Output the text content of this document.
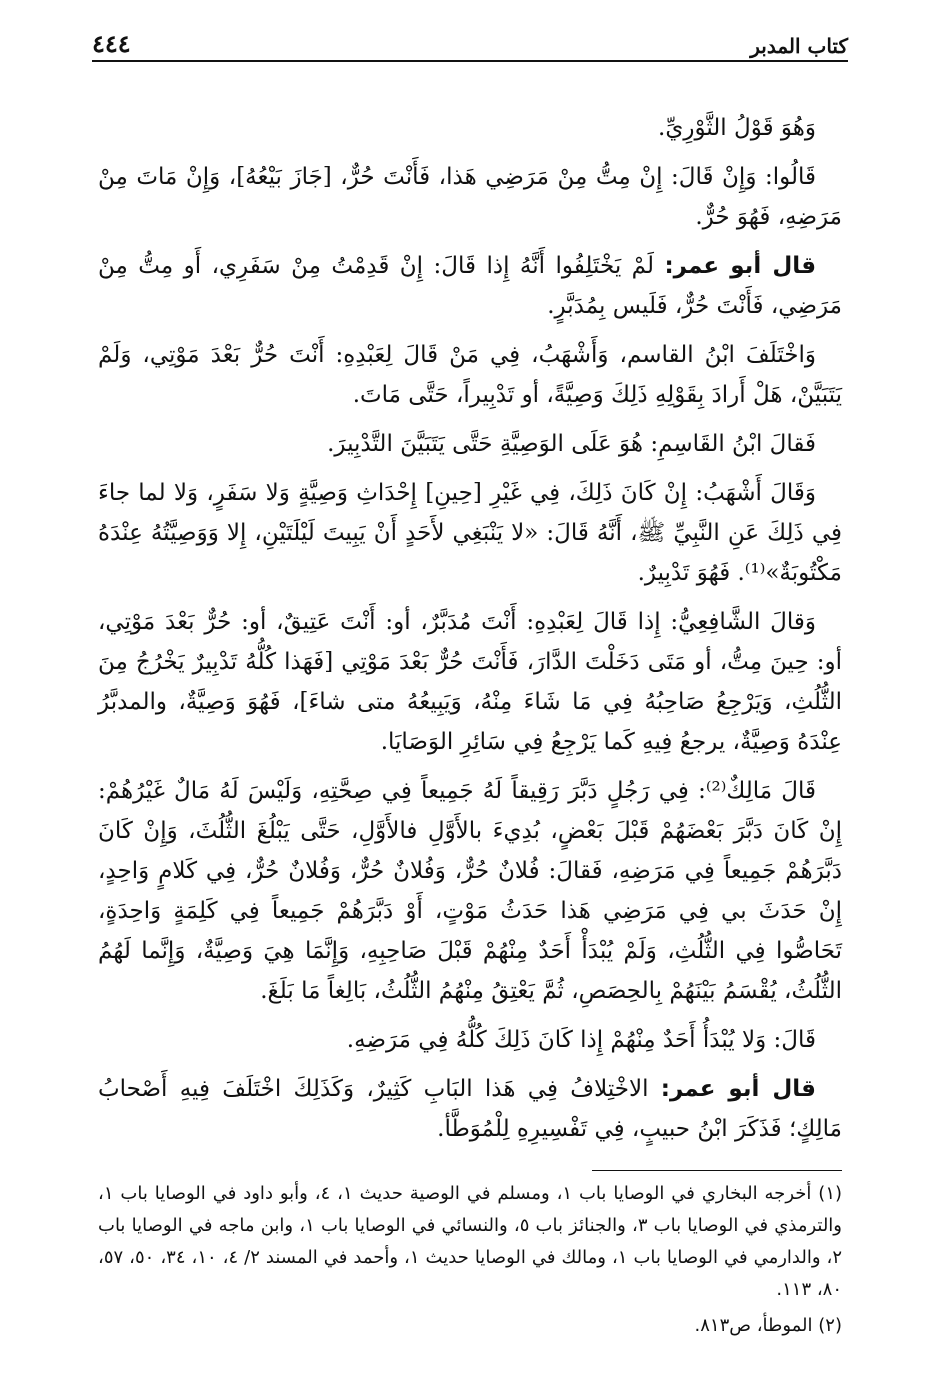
كتاب المدبر
٤٤٤

وَهُوَ قَوْلُ الثَّوْرِيِّ.

قَالُوا: وَإِنْ قَالَ: إِنْ مِتُّ مِنْ مَرَضِي هَذا، فَأَنْتَ حُرٌّ، [جَازَ بَيْعُهُ]، وَإِنْ مَاتَ مِنْ مَرَضِهِ، فَهُوَ حُرٌّ.

قال أبو عمر: لَمْ يَخْتَلِفُوا أَنَّهُ إِذا قَالَ: إِنْ قَدِمْتُ مِنْ سَفَرِي، أَو مِتُّ مِنْ مَرَضِي، فَأَنْتَ حُرٌّ، فَلَيس بِمُدَبَّرٍ.

وَاخْتَلَفَ ابْنُ القاسم، وَأَشْهَبُ، فِي مَنْ قَالَ لِعَبْدِهِ: أَنْتَ حُرٌّ بَعْدَ مَوْتِي، وَلَمْ يَتَبَيَّنْ، هَلْ أَرادَ بِقَوْلِهِ ذَلِكَ وَصِيَّةً، أو تَدْبِيراً، حَتَّى مَاتَ.

فَقالَ ابْنُ القَاسِمِ: هُوَ عَلَى الوَصِيَّةِ حَتَّى يَتَبَيَّنَ التَّدْبِيرَ.

وَقَالَ أَشْهَبُ: إِنْ كَانَ ذَلِكَ، فِي غَيْرِ [حِينِ] إِحْدَاثِ وَصِيَّةٍ وَلا سَفَرٍ، وَلا لما جاءَ فِي ذَلِكَ عَنِ النَّبِيِّ ﷺ، أَنَّهُ قَالَ: «لا يَنْبَغِي لأَحَدٍ أَنْ يَبِيتَ لَيْلَتَيْنِ، إِلا وَوَصِيَّتُهُ عِنْدَهُ مَكْتُوبَةٌ»⁽¹⁾. فَهُوَ تَدْبِيرٌ.

وَقالَ الشَّافِعِيُّ: إِذا قَالَ لِعَبْدِهِ: أَنْتَ مُدَبَّرٌ، أو: أَنْتَ عَتِيقٌ، أو: حُرٌّ بَعْدَ مَوْتِي، أو: حِينَ مِتُّ، أو مَتَى دَخَلْتَ الدَّارَ، فَأَنْتَ حُرٌّ بَعْدَ مَوْتِي [فَهَذا كُلُّهُ تَدْبِيرٌ يَخْرُجُ مِنَ الثُّلُثِ، وَيَرْجِعُ صَاحِبُهُ فِي مَا شَاءَ مِنْهُ، وَيَبِيعُهُ متى شاءَ]، فَهُوَ وَصِيَّةٌ، والمدبَّرُ عِنْدَهُ وَصِيَّةٌ، يرجعُ فِيهِ كَما يَرْجِعُ فِي سَائِرِ الوَصَايَا.

قَالَ مَالِكٌ⁽²⁾: فِي رَجُلٍ دَبَّرَ رَقِيقاً لَهُ جَمِيعاً فِي صِحَّتِهِ، وَلَيْسَ لَهُ مَالٌ غَيْرُهُمْ: إِنْ كَانَ دَبَّرَ بَعْضَهُمْ قَبْلَ بَعْضٍ، بُدِيءَ بالأَوَّلِ فالأَوَّلِ، حَتَّى يَبْلُغَ الثُّلُثَ، وَإِنْ كَانَ دَبَّرَهُمْ جَمِيعاً فِي مَرَضِهِ، فَقالَ: فُلانٌ حُرٌّ، وَفُلانٌ حُرٌّ، وَفُلانٌ حُرٌّ، فِي كَلامٍ وَاحِدٍ، إِنْ حَدَثَ بي فِي مَرَضِي هَذا حَدَثُ مَوْتٍ، أَوْ دَبَّرَهُمْ جَمِيعاً فِي كَلِمَةٍ وَاحِدَةٍ، تَحَاصُّوا فِي الثُّلُثِ، وَلَمْ يُبْدَأْ أَحَدٌ مِنْهُمْ قَبْلَ صَاحِبِهِ، وَإِنَّمَا هِيَ وَصِيَّةٌ، وَإِنَّما لَهُمُ الثُّلُثُ، يُقْسَمُ بَيْنَهُمْ بِالحِصَصِ، ثُمَّ يَعْتِقُ مِنْهُمُ الثُّلُثُ، بَالِغاً مَا بَلَغَ.

قَالَ: وَلا يُبْدَأُ أَحَدٌ مِنْهُمْ إِذا كَانَ ذَلِكَ كُلُّهُ فِي مَرَضِهِ.

قال أبو عمر: الاخْتِلافُ فِي هَذا البَابِ كَثِيرٌ، وَكَذَلِكَ اخْتَلَفَ فِيهِ أَصْحابُ مَالِكٍ؛ فَذَكَرَ ابْنُ حبيبٍ، فِي تَفْسِيرِهِ لِلْمُوَطَّأ.

(١) أخرجه البخاري في الوصايا باب ١، ومسلم في الوصية حديث ١، ٤، وأبو داود في الوصايا باب ١، والترمذي في الوصايا باب ٣، والجنائز باب ٥، والنسائي في الوصايا باب ١، وابن ماجه في الوصايا باب ٢، والدارمي في الوصايا باب ١، ومالك في الوصايا حديث ١، وأحمد في المسند ٢/ ٤، ١٠، ٣٤، ٥٠، ٥٧، ٨٠، ١١٣.

(٢) الموطأ، ص٨١٣.
